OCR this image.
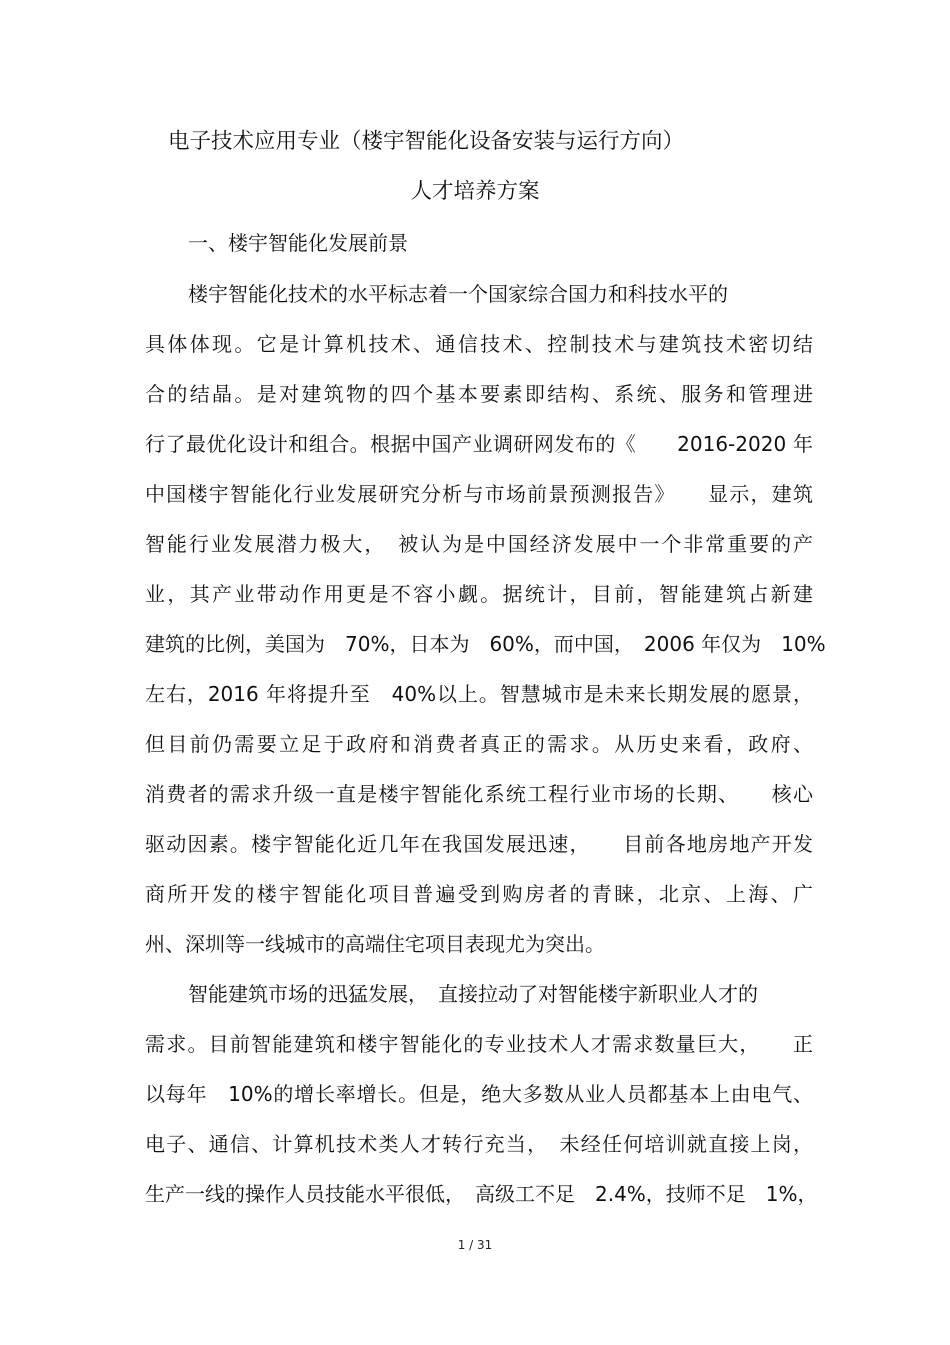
电子技术应用专业（楼宇智能化设备安装与运行方向）
人才培养方案
一、楼宇智能化发展前景
楼宇智能化技术的水平标志着一个国家综合国力和科技水平的
具体体现。它是计算机技术、通信技术、控制技术与建筑技术密切结
合的结晶。是对建筑物的四个基本要素即结构、系统、服务和管理进
行了最优化设计和组合。根据中国产业调研网发布的《　　2016-2020 年
中国楼宇智能化行业发展研究分析与市场前景预测报告》　　显示，建筑
智能行业发展潜力极大，　被认为是中国经济发展中一个非常重要的产
业，其产业带动作用更是不容小觑。据统计，目前，智能建筑占新建
建筑的比例，美国为　70%，日本为　60%，而中国，　2006 年仅为　10%
左右，2016 年将提升至　40%以上。智慧城市是未来长期发展的愿景，
但目前仍需要立足于政府和消费者真正的需求。从历史来看，政府、
消费者的需求升级一直是楼宇智能化系统工程行业市场的长期、　　核心
驱动因素。楼宇智能化近几年在我国发展迅速，　　目前各地房地产开发
商所开发的楼宇智能化项目普遍受到购房者的青睐，北京、上海、广
州、深圳等一线城市的高端住宅项目表现尤为突出。
智能建筑市场的迅猛发展，　直接拉动了对智能楼宇新职业人才的
需求。目前智能建筑和楼宇智能化的专业技术人才需求数量巨大，　　正
以每年　10%的增长率增长。但是，绝大多数从业人员都基本上由电气、
电子、通信、计算机技术类人才转行充当，　未经任何培训就直接上岗，
生产一线的操作人员技能水平很低，　高级工不足　2.4%，技师不足　1%，
1 / 31
